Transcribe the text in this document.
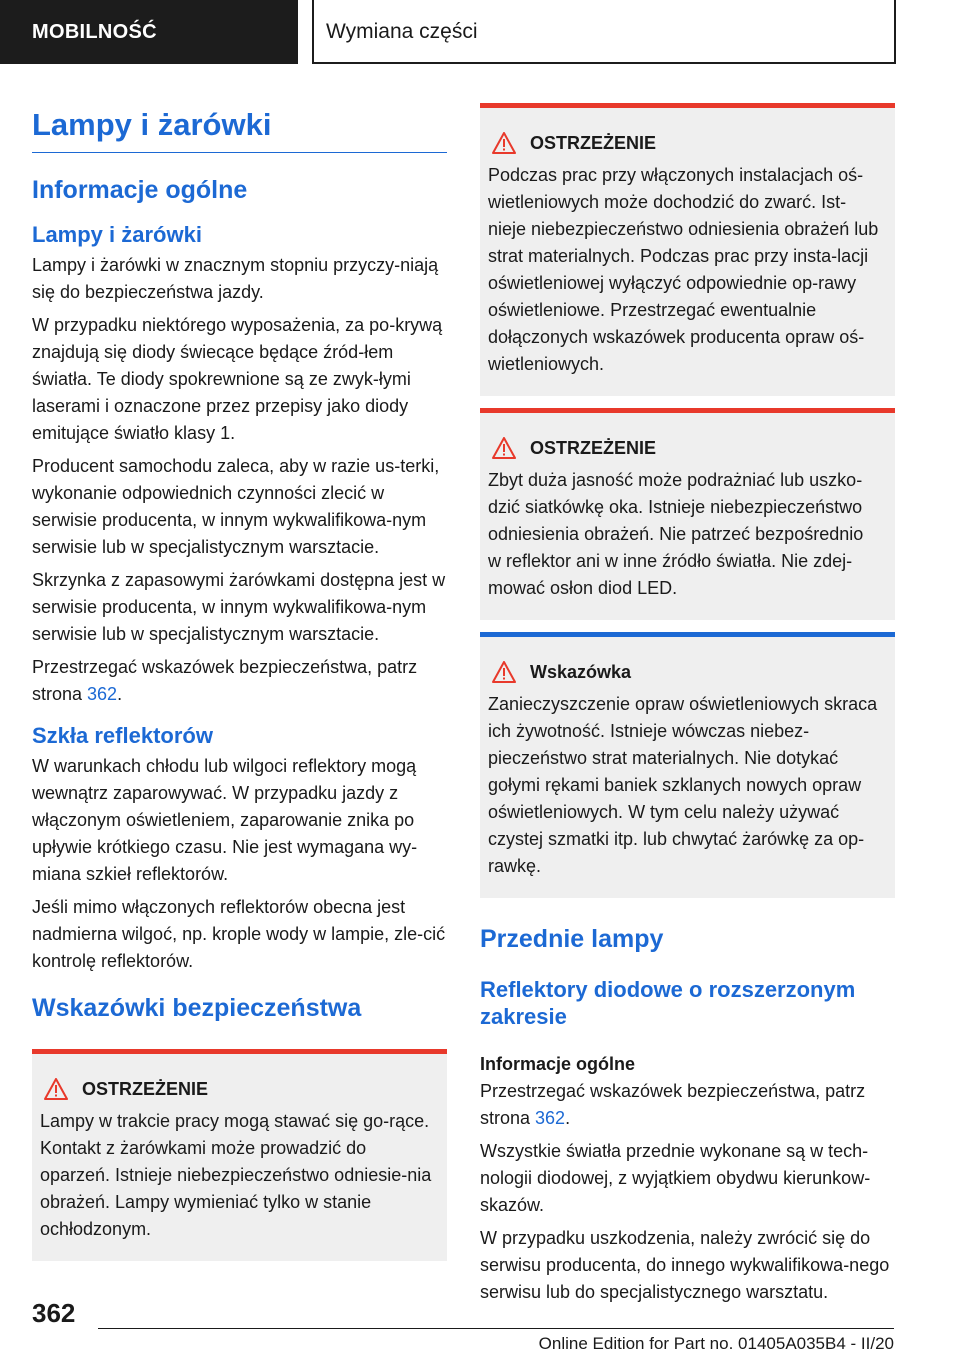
MOBILNOŚĆ	Wymiana części
Lampy i żarówki
Informacje ogólne
Lampy i żarówki

Lampy i żarówki w znacznym stopniu przyczy-niają się do bezpieczeństwa jazdy.

W przypadku niektórego wyposażenia, za po-krywą znajdują się diody świecące będące źród-łem światła. Te diody spokrewnione są ze zwyk-łymi laserami i oznaczone przez przepisy jako diody emitujące światło klasy 1.

Producent samochodu zaleca, aby w razie us-terki, wykonanie odpowiednich czynności zlecić w serwisie producenta, w innym wykwalifikowa-nym serwisie lub w specjalistycznym warsztacie.

Skrzynka z zapasowymi żarówkami dostępna jest w serwisie producenta, w innym wykwalifikowa-nym serwisie lub w specjalistycznym warsztacie.

Przestrzegać wskazówek bezpieczeństwa, patrz strona 362.

Szkła reflektorów

W warunkach chłodu lub wilgoci reflektory mogą wewnątrz zaparowywać. W przypadku jazdy z włączonym oświetleniem, zaparowanie znika po upływie krótkiego czasu. Nie jest wymagana wy-miana szkieł reflektorów.

Jeśli mimo włączonych reflektorów obecna jest nadmierna wilgoć, np. krople wody w lampie, zle-cić kontrolę reflektorów.

Wskazówki bezpieczeństwa
OSTRZEŻENIE

Lampy w trakcie pracy mogą stawać się go-rące. Kontakt z żarówkami może prowadzić do oparzeń. Istnieje niebezpieczeństwo odniesie-nia obrażeń. Lampy wymieniać tylko w stanie ochłodzonym.

OSTRZEŻENIE

Podczas prac przy włączonych instalacjach oś-wietleniowych może dochodzić do zwarć. Ist-nieje niebezpieczeństwo odniesienia obrażeń lub strat materialnych. Podczas prac przy insta-lacji oświetleniowej wyłączyć odpowiednie op-rawy oświetleniowe. Przestrzegać ewentualnie dołączonych wskazówek producenta opraw oś-wietleniowych.

OSTRZEŻENIE

Zbyt duża jasność może podrażniać lub uszko-dzić siatkówkę oka. Istnieje niebezpieczeństwo odniesienia obrażeń. Nie patrzeć bezpośrednio w reflektor ani w inne źródło światła. Nie zdej-mować osłon diod LED.

Wskazówka

Zanieczyszczenie opraw oświetleniowych skraca ich żywotność. Istnieje wówczas niebez-pieczeństwo strat materialnych. Nie dotykać gołymi rękami baniek szklanych nowych opraw oświetleniowych. W tym celu należy używać czystej szmatki itp. lub chwytać żarówkę za op-rawkę.

Przednie lampy
Reflektory diodowe o rozszerzonym zakresie
Informacje ogólne

Przestrzegać wskazówek bezpieczeństwa, patrz strona 362.

Wszystkie światła przednie wykonane są w tech-nologii diodowej, z wyjątkiem obydwu kierunkow-skazów.

W przypadku uszkodzenia, należy zwrócić się do serwisu producenta, do innego wykwalifikowa-nego serwisu lub do specjalistycznego warsztatu.

362
Online Edition for Part no. 01405A035B4 - II/20
